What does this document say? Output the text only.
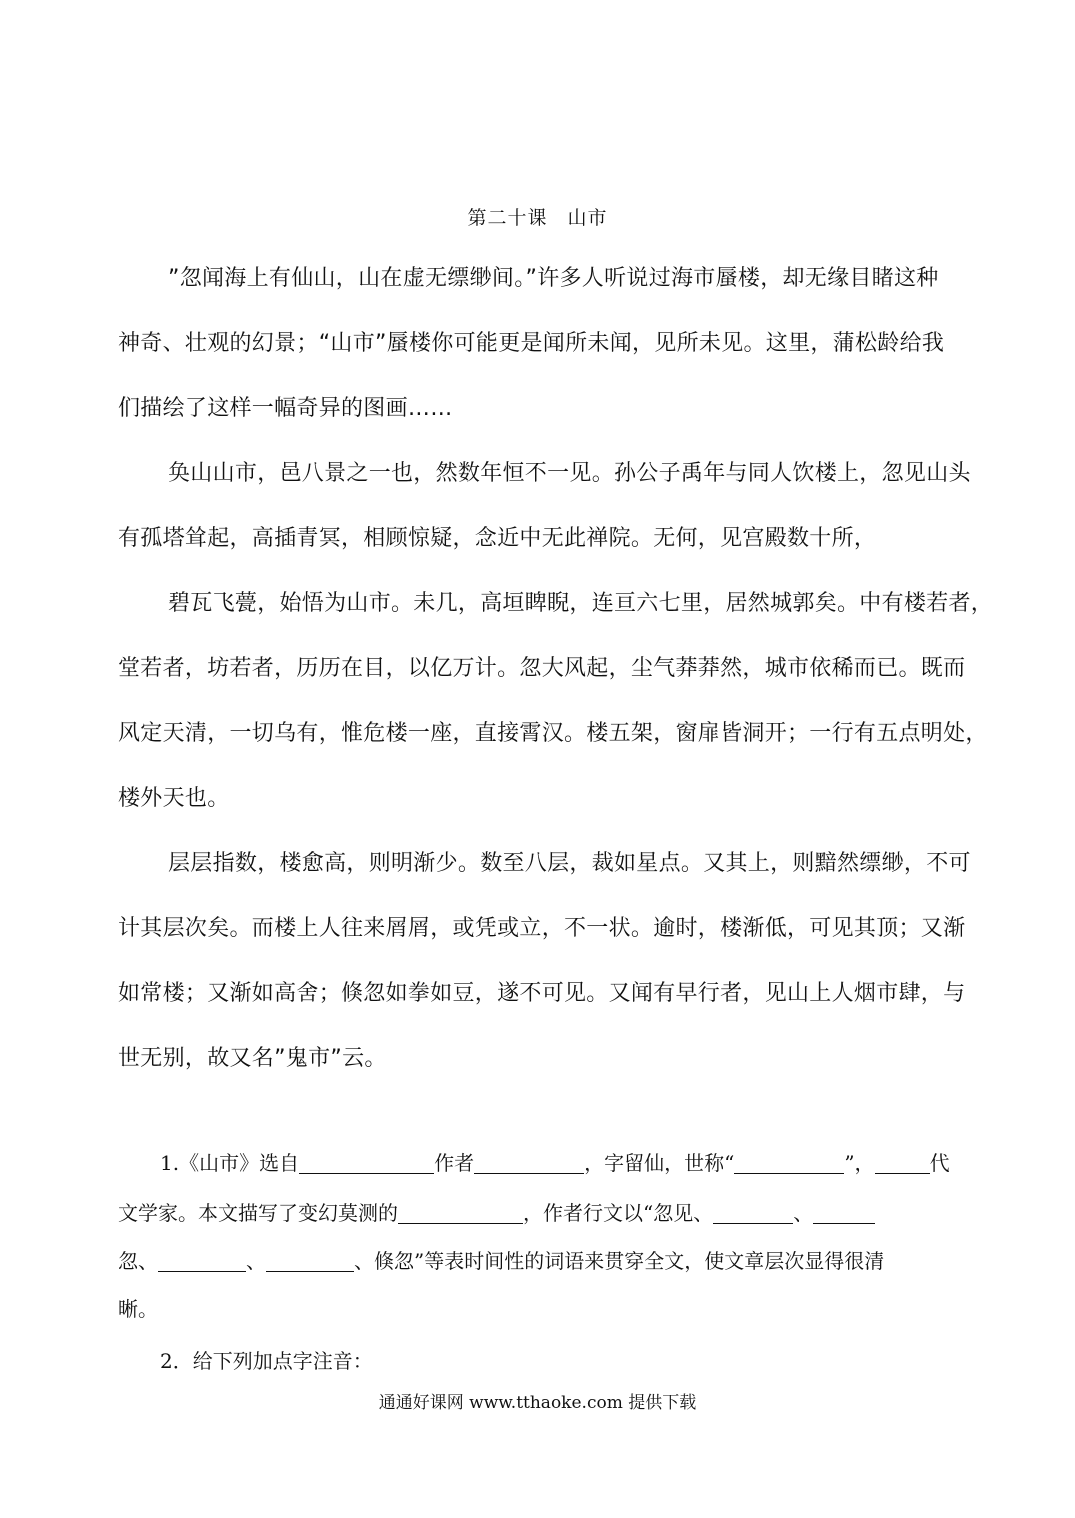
第二十课 山市
”忽闻海上有仙山，山在虚无缥缈间。”许多人听说过海市蜃楼，却无缘目睹这种
神奇、壮观的幻景；“山市”蜃楼你可能更是闻所未闻，见所未见。这里，蒲松龄给我
们描绘了这样一幅奇异的图画……
奂山山市，邑八景之一也，然数年恒不一见。孙公子禹年与同人饮楼上，忽见山头
有孤塔耸起，高插青冥，相顾惊疑，念近中无此禅院。无何，见宫殿数十所，
碧瓦飞甍，始悟为山市。未几，高垣睥睨，连亘六七里，居然城郭矣。中有楼若者，
堂若者，坊若者，历历在目，以亿万计。忽大风起，尘气莽莽然，城市依稀而已。既而
风定天清，一切乌有，惟危楼一座，直接霄汉。楼五架，窗扉皆洞开；一行有五点明处，
楼外天也。
层层指数，楼愈高，则明渐少。数至八层，裁如星点。又其上，则黯然缥缈，不可
计其层次矣。而楼上人往来屑屑，或凭或立，不一状。逾时，楼渐低，可见其顶；又渐
如常楼；又渐如高舍；倏忽如拳如豆，遂不可见。又闻有早行者，见山上人烟市肆，与
世无别，故又名”鬼市”云。
1.《山市》选自	作者	，字留仙，世称“	”，	代
文学家。本文描写了变幻莫测的	，作者行文以“忽见、	、
忽、	、	、倏忽”等表时间性的词语来贯穿全文，使文章层次显得很清
晰。
2．给下列加点字注音：
通通好课网 www.tthaoke.com 提供下载
